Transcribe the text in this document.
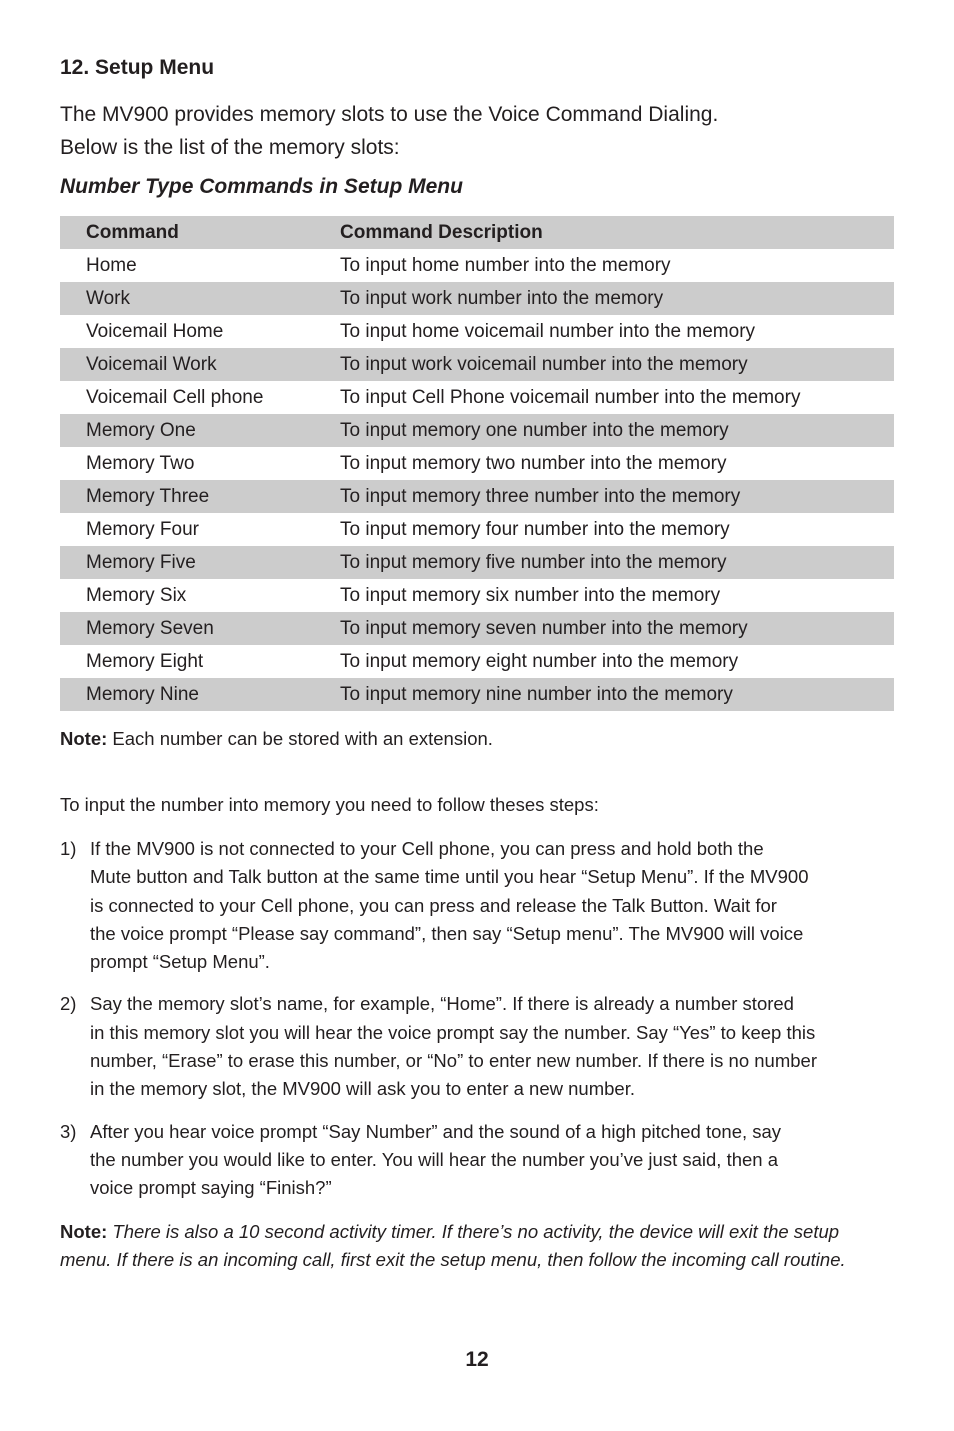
12. Setup Menu
The MV900 provides memory slots to use the Voice Command Dialing.
Below is the list of the memory slots:
Number Type Commands in Setup Menu
Command	Command Description
Home	To input home number into the memory
Work	To input work number into the memory
Voicemail Home	To input home voicemail number into the memory
Voicemail Work	To input work voicemail number into the memory
Voicemail Cell phone	To input Cell Phone voicemail number into the memory
Memory One	To input memory one number into the memory
Memory Two	To input memory two number into the memory
Memory Three	To input memory three number into the memory
Memory Four	To input memory four number into the memory
Memory Five	To input memory five number into the memory
Memory Six	To input memory six number into the memory
Memory Seven	To input memory seven number into the memory
Memory Eight	To input memory eight number into the memory
Memory Nine	To input memory nine number into the memory
Note: Each number can be stored with an extension.
To input the number into memory you need to follow theses steps:
1) If the MV900 is not connected to your Cell phone, you can press and hold both the
Mute button and Talk button at the same time until you hear “Setup Menu”. If the MV900
is connected to your Cell phone, you can press and release the Talk Button. Wait for
the voice prompt “Please say command”, then say “Setup menu”. The MV900 will voice
prompt “Setup Menu”.
2) Say the memory slot’s name, for example, “Home”. If there is already a number stored
in this memory slot you will hear the voice prompt say the number. Say “Yes” to keep this
number, “Erase” to erase this number, or “No” to enter new number. If there is no number
in the memory slot, the MV900 will ask you to enter a new number.
3) After you hear voice prompt “Say Number” and the sound of a high pitched tone, say
the number you would like to enter. You will hear the number you’ve just said, then a
voice prompt saying “Finish?”
Note: There is also a 10 second activity timer. If there’s no activity, the device will exit the setup
menu. If there is an incoming call, first exit the setup menu, then follow the incoming call routine.
12
